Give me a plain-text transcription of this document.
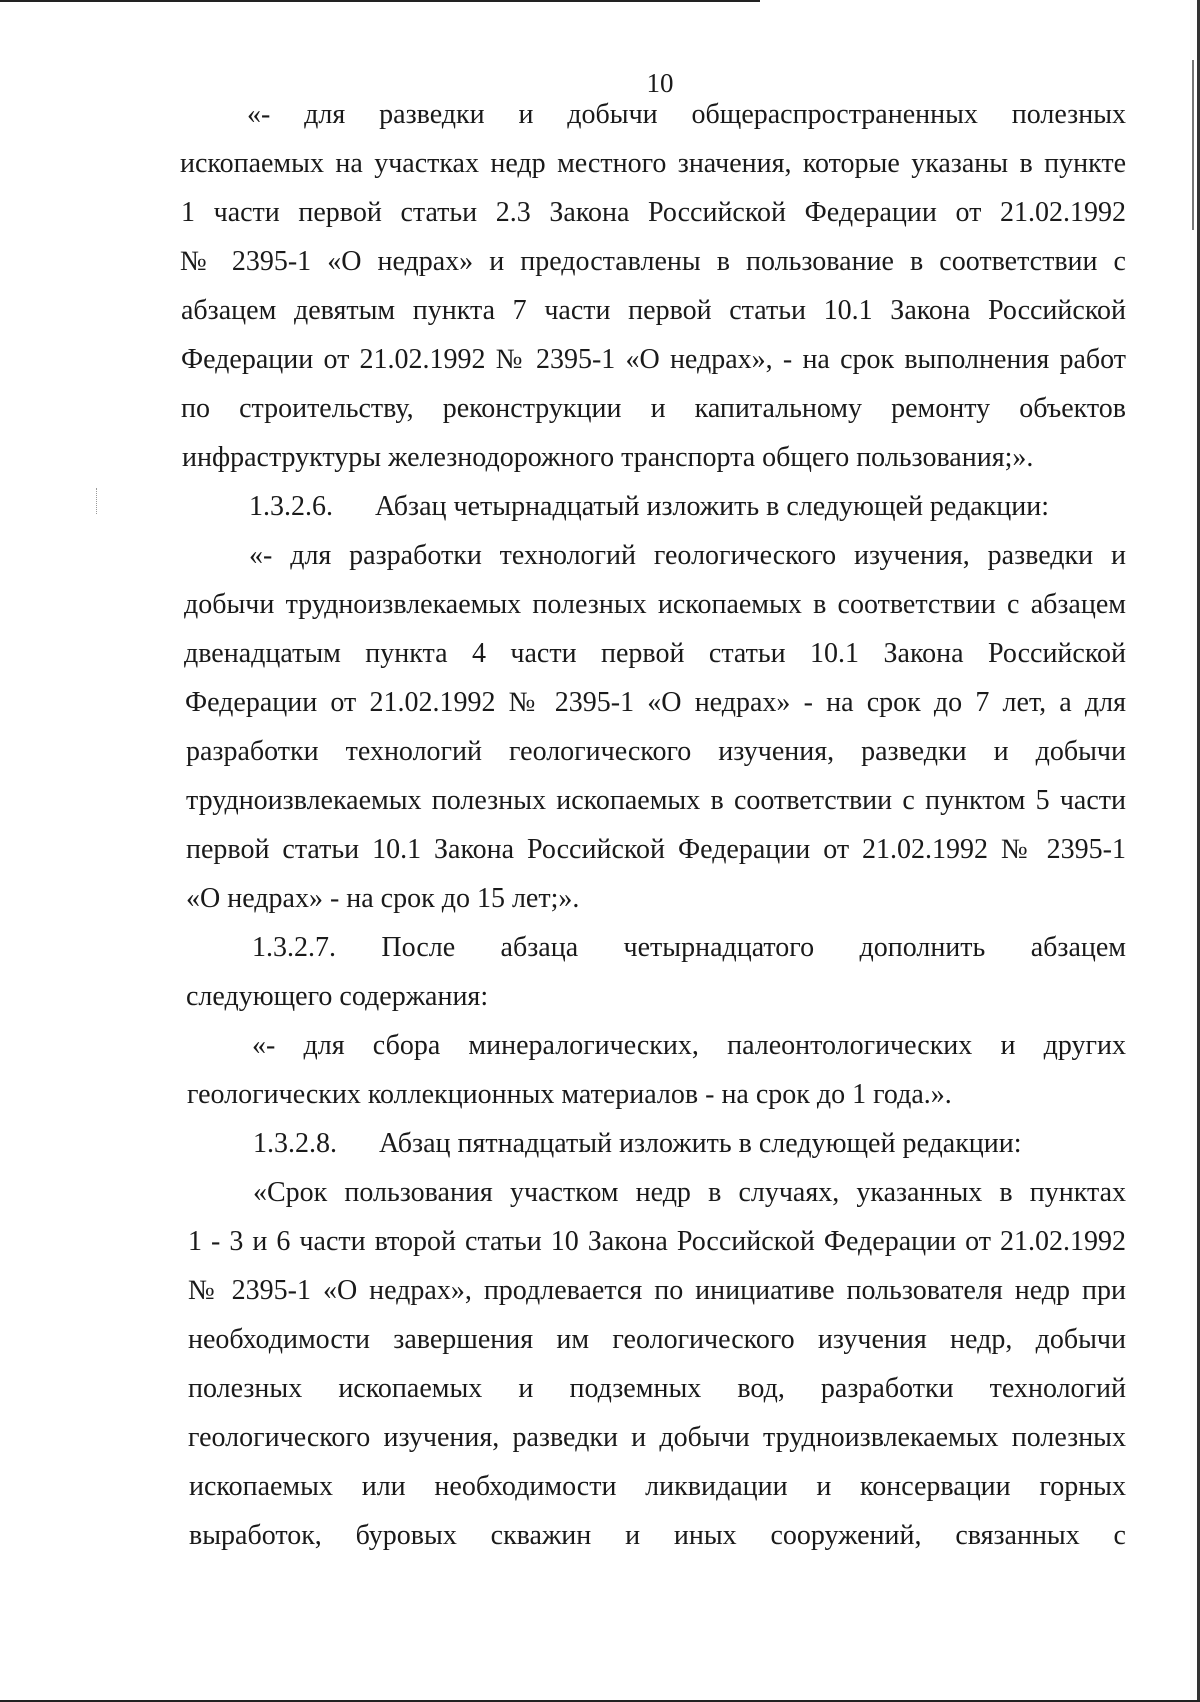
10
«- для разведки и добычи общераспространенных полезных
ископаемых на участках недр местного значения, которые указаны в пункте
1 части первой статьи 2.3 Закона Российской Федерации от 21.02.1992
№ 2395-1 «О недрах» и предоставлены в пользование в соответствии с
абзацем девятым пункта 7 части первой статьи 10.1 Закона Российской
Федерации от 21.02.1992 № 2395-1 «О недрах», - на срок выполнения работ
по строительству, реконструкции и капитальному ремонту объектов
инфраструктуры железнодорожного транспорта общего пользования;».
1.3.2.6.      Абзац четырнадцатый изложить в следующей редакции:
«- для разработки технологий геологического изучения, разведки и
добычи трудноизвлекаемых полезных ископаемых в соответствии с абзацем
двенадцатым пункта 4 части первой статьи 10.1 Закона Российской
Федерации от 21.02.1992 № 2395-1 «О недрах» - на срок до 7 лет, а для
разработки технологий геологического изучения, разведки и добычи
трудноизвлекаемых полезных ископаемых в соответствии с пунктом 5 части
первой статьи 10.1 Закона Российской Федерации от 21.02.1992 № 2395-1
«О недрах» - на срок до 15 лет;».
1.3.2.7. После абзаца четырнадцатого дополнить абзацем
следующего содержания:
«- для сбора минералогических, палеонтологических и других
геологических коллекционных материалов - на срок до 1 года.».
1.3.2.8.      Абзац пятнадцатый изложить в следующей редакции:
«Срок пользования участком недр в случаях, указанных в пунктах
1 - 3 и 6 части второй статьи 10 Закона Российской Федерации от 21.02.1992
№ 2395-1 «О недрах», продлевается по инициативе пользователя недр при
необходимости завершения им геологического изучения недр, добычи
полезных ископаемых и подземных вод, разработки технологий
геологического изучения, разведки и добычи трудноизвлекаемых полезных
ископаемых или необходимости ликвидации и консервации горных
выработок, буровых скважин и иных сооружений, связанных с
